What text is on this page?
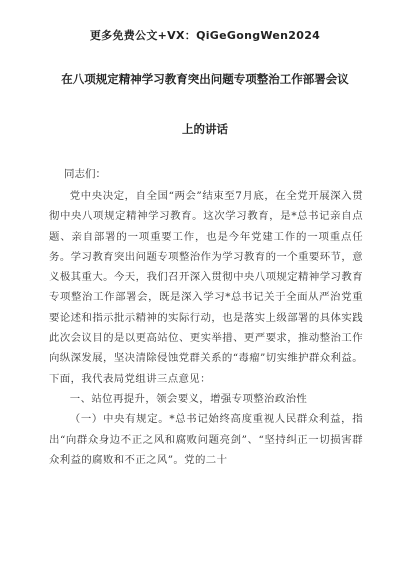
更多免费公文+VX：QiGeGongWen2024
在八项规定精神学习教育突出问题专项整治工作部署会议
上的讲话
同志们：

党中央决定，自全国“两会”结束至7月底，在全党开展深入贯彻中央八项规定精神学习教育。这次学习教育，是*总书记亲自点题、亲自部署的一项重要工作，也是今年党建工作的一项重点任务。学习教育突出问题专项整治作为学习教育的一个重要环节，意义极其重大。今天，我们召开深入贯彻中央八项规定精神学习教育专项整治工作部署会，既是深入学习*总书记关于全面从严治党重要论述和指示批示精神的实际行动，也是落实上级部署的具体实践此次会议目的是以更高站位、更实举措、更严要求，推动整治工作向纵深发展，坚决清除侵蚀党群关系的“毒瘤”切实维护群众利益。下面，我代表局党组讲三点意见：

一、站位再提升，领会要义，增强专项整治政治性

（一）中央有规定。*总书记始终高度重视人民群众利益，指出“向群众身边不正之风和腐败问题亮剑”、“坚持纠正一切损害群众利益的腐败和不正之风”。党的二十
